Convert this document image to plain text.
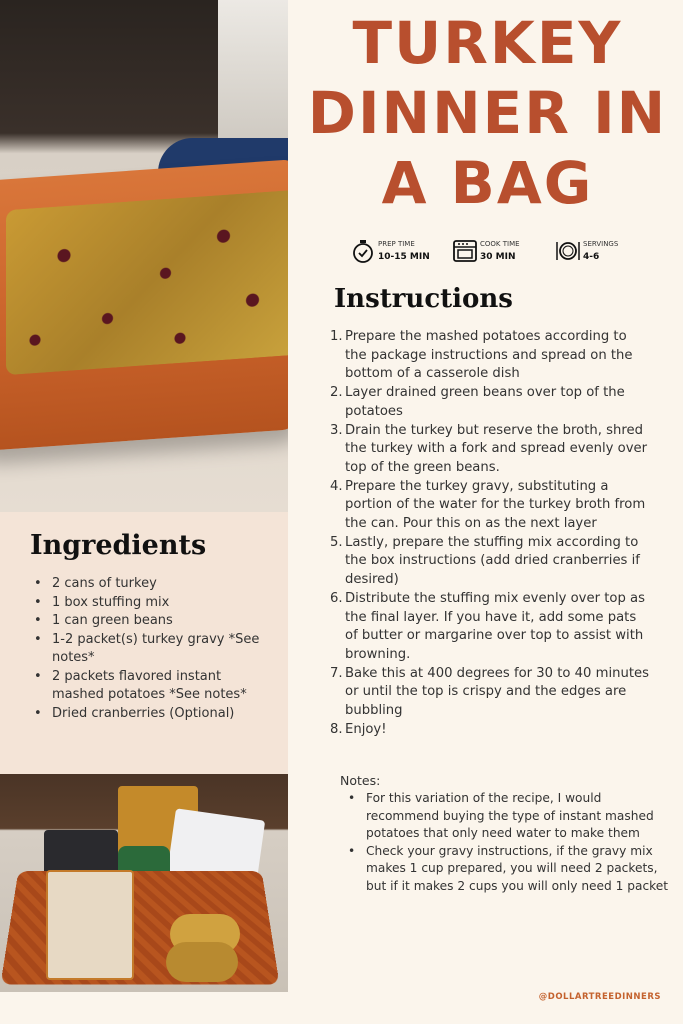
Ingredients
• 2 cans of turkey
• 1 box stuffing mix
• 1 can green beans
• 1-2 packet(s) turkey gravy *See notes*
• 2 packets flavored instant mashed potatoes *See notes*
• Dried cranberries (Optional)
TURKEY
DINNER IN
A BAG
PREP TIME
10-15 MIN
COOK TIME
30 MIN
SERVINGS
4-6
Instructions
1. Prepare the mashed potatoes according to the package instructions and spread on the bottom of a casserole dish
2. Layer drained green beans over top of the potatoes
3. Drain the turkey but reserve the broth, shred the turkey with a fork and spread evenly over top of the green beans.
4. Prepare the turkey gravy, substituting a portion of the water for the turkey broth from the can. Pour this on as the next layer
5. Lastly, prepare the stuffing mix according to the box instructions (add dried cranberries if desired)
6. Distribute the stuffing mix evenly over top as the final layer. If you have it, add some pats of butter or margarine over top to assist with browning.
7. Bake this at 400 degrees for 30 to 40 minutes or until the top is crispy and the edges are bubbling
8. Enjoy!
Notes:
• For this variation of the recipe, I would recommend buying the type of instant mashed potatoes that only need water to make them
• Check your gravy instructions, if the gravy mix makes 1 cup prepared, you will need 2 packets, but if it makes 2 cups you will only need 1 packet
@DOLLARTREEDINNERS
